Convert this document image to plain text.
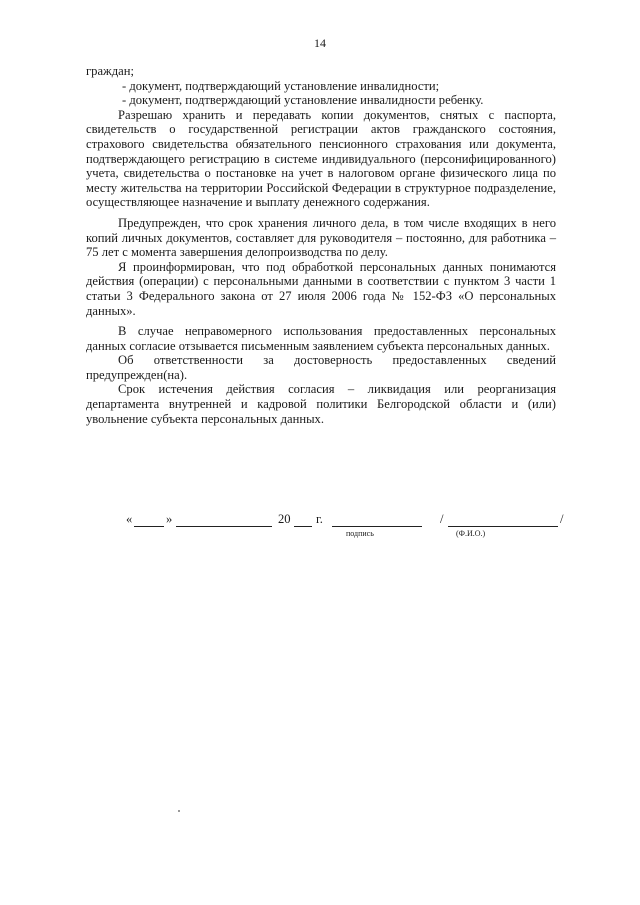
14

граждан;

- документ, подтверждающий установление инвалидности;

- документ, подтверждающий установление инвалидности ребенку.

Разрешаю хранить и передавать копии документов, снятых с паспорта, свидетельств о государственной регистрации актов гражданского состояния, страхового свидетельства обязательного пенсионного страхования или документа, подтверждающего регистрацию в системе индивидуального (персонифицированного) учета, свидетельства о постановке на учет в налоговом органе физического лица по месту жительства на территории Российской Федерации в структурное подразделение, осуществляющее назначение и выплату денежного содержания.

Предупрежден, что срок хранения личного дела, в том числе входящих в него копий личных документов, составляет для руководителя – постоянно, для работника – 75 лет с момента завершения делопроизводства по делу.

Я проинформирован, что под обработкой персональных данных понимаются действия (операции) с персональными данными в соответствии с пунктом 3 части 1 статьи 3 Федерального закона от 27 июля 2006 года № 152-ФЗ «О персональных данных».

В случае неправомерного использования предоставленных персональных данных согласие отзывается письменным заявлением субъекта персональных данных.

Об ответственности за достоверность предоставленных сведений предупрежден(на).

Срок истечения действия согласия – ликвидация или реорганизация департамента внутренней и кадровой политики Белгородской области и (или) увольнение субъекта персональных данных.

«	»	20 г.	/	/
подпись	(Ф.И.О.)
